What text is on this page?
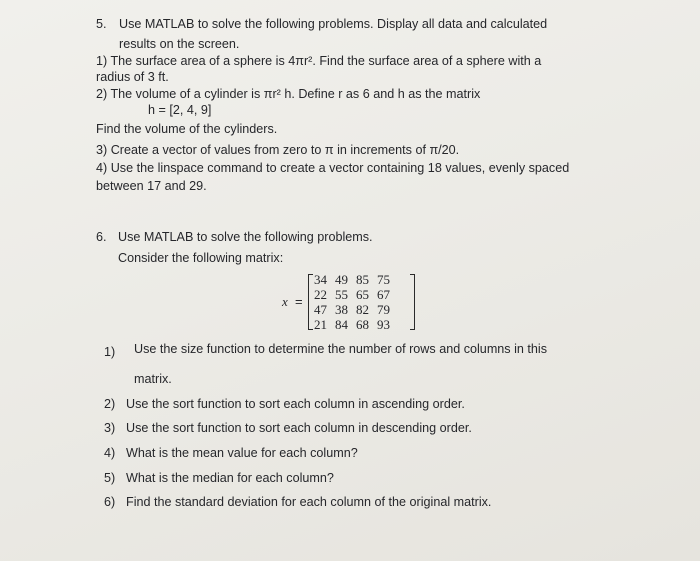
5. Use MATLAB to solve the following problems. Display all data and calculated
results on the screen.
1) The surface area of a sphere is 4πr². Find the surface area of a sphere with a
radius of 3 ft.
2) The volume of a cylinder is πr² h. Define r as 6 and h as the matrix
h = [2, 4, 9]
Find the volume of the cylinders.
3) Create a vector of values from zero to π in increments of π/20.
4) Use the linspace command to create a vector containing 18 values, evenly spaced
between 17 and 29.
6. Use MATLAB to solve the following problems.
Consider the following matrix:
x =
34	49	85	75
22	55	65	67
47	38	82	79
21	84	68	93
1) Use the size function to determine the number of rows and columns in this
matrix.
2) Use the sort function to sort each column in ascending order.
3) Use the sort function to sort each column in descending order.
4) What is the mean value for each column?
5) What is the median for each column?
6) Find the standard deviation for each column of the original matrix.
